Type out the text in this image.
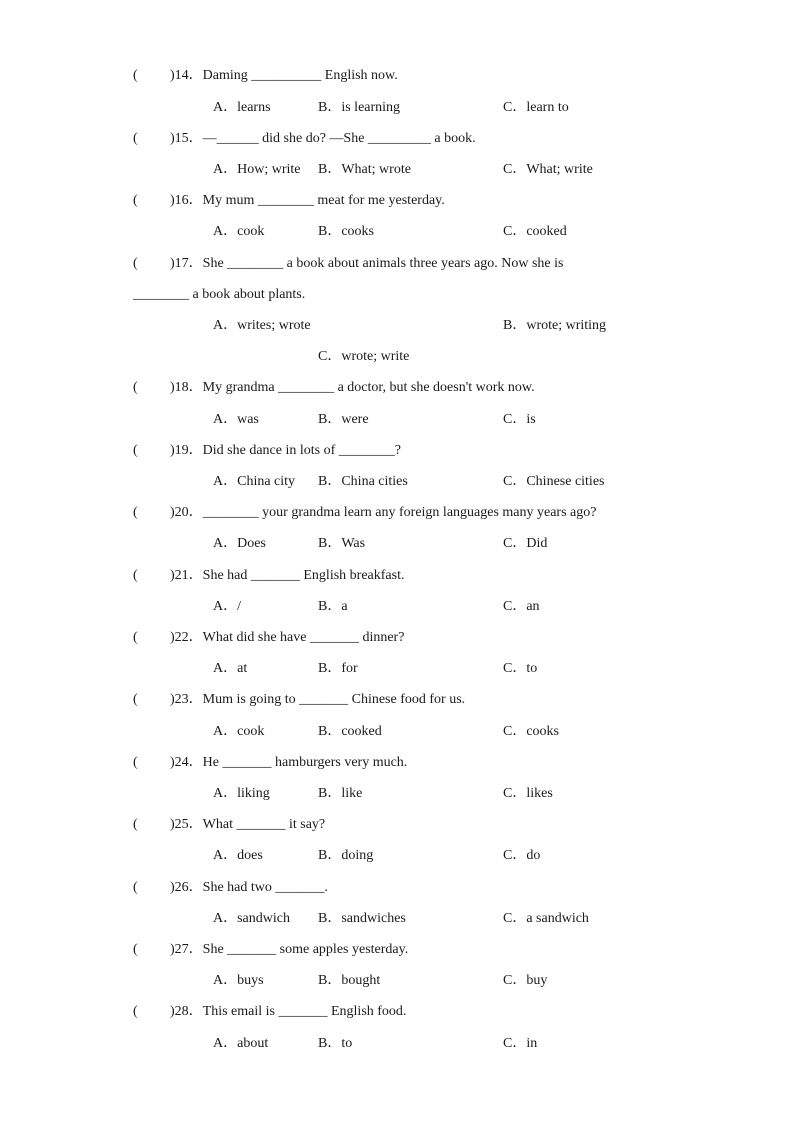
( )14．Daming __________ English now.
A．learns	B．is learning	C．learn to
( )15．—______ did she do? —She _________ a book.
A．How; write B．What; wrote	C．What; write
( )16．My mum ________ meat for me yesterday.
A．cook	B．cooks	C．cooked
( )17．She ________ a book about animals three years ago. Now she is
________ a book about plants.
A．writes; wrote	B．wrote; writing
C．wrote; write
( )18．My grandma ________ a doctor, but she doesn't work now.
A．was	B．were	C．is
( )19．Did she dance in lots of ________?
A．China city B．China cities	C．Chinese cities
( )20．________ your grandma learn any foreign languages many years ago?
A．Does	B．Was	C．Did
( )21．She had _______ English breakfast.
A．/	B．a	C．an
( )22．What did she have _______ dinner?
A．at	B．for	C．to
( )23．Mum is going to _______ Chinese food for us.
A．cook	B．cooked	C．cooks
( )24．He _______ hamburgers very much.
A．liking	B．like	C．likes
( )25．What _______ it say?
A．does	B．doing	C．do
( )26．She had two _______.
A．sandwich B．sandwiches	C．a sandwich
( )27．She _______ some apples yesterday.
A．buys	B．bought	C．buy
( )28．This email is _______ English food.
A．about	B．to	C．in
